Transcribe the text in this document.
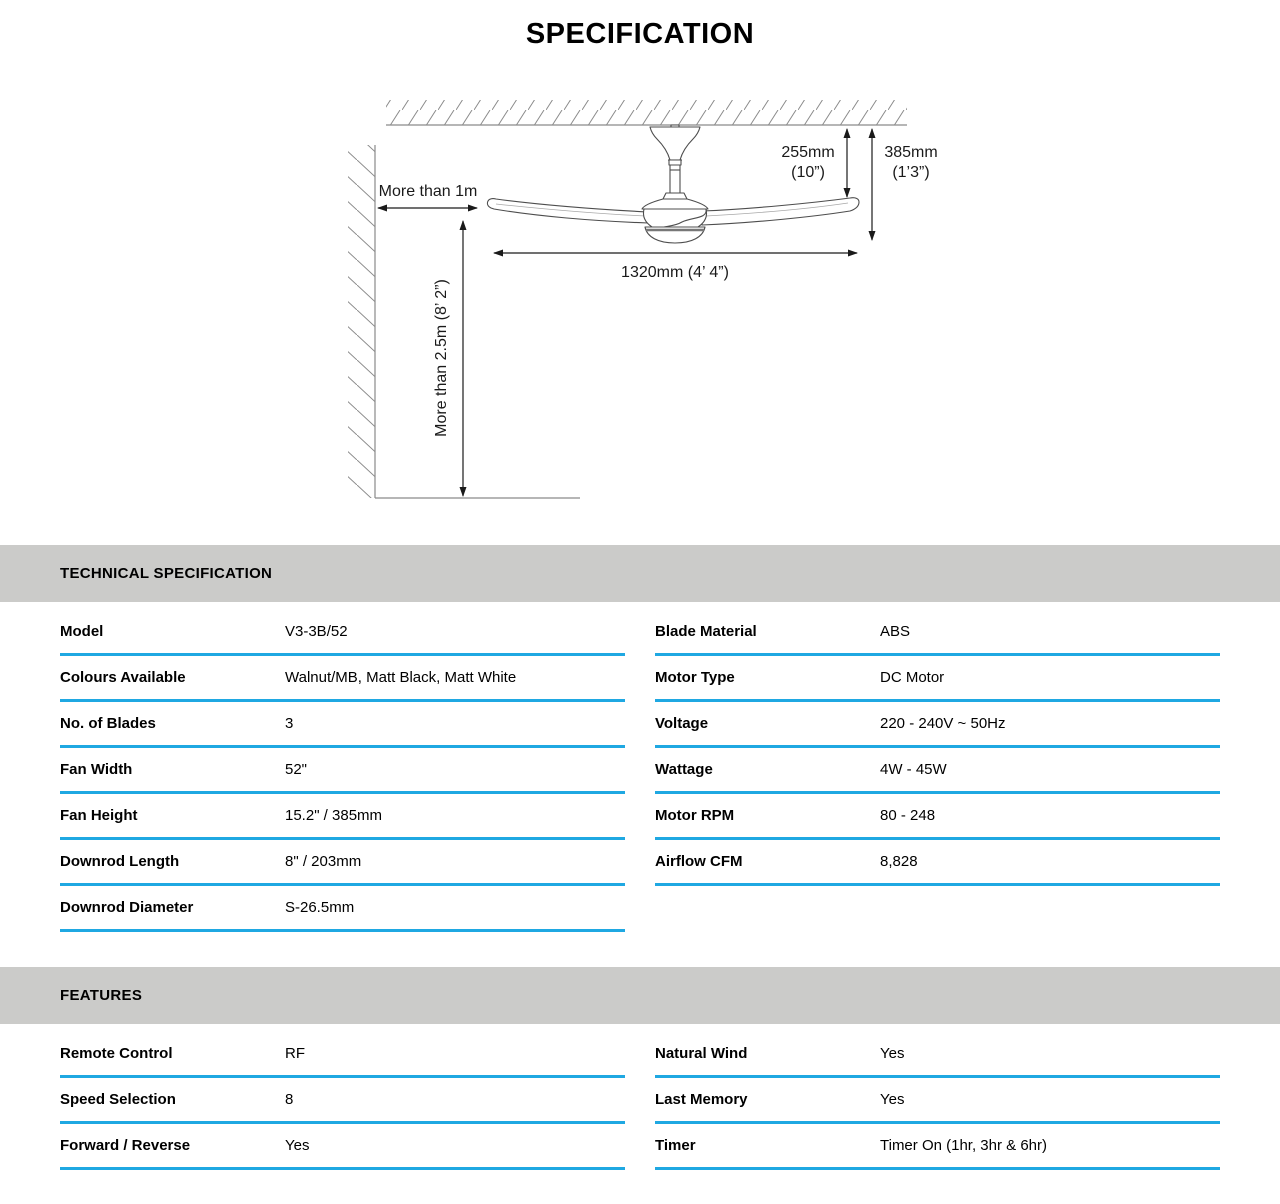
SPECIFICATION
255mm
(10”)
385mm
(1’3”)
1320mm (4’ 4”)
More than 1m
More than 2.5m (8’ 2”)
TECHNICAL SPECIFICATION
Model	V3-3B/52
Colours Available	Walnut/MB, Matt Black, Matt White
No. of Blades	3
Fan Width	52"
Fan Height	15.2" / 385mm
Downrod Length	8" / 203mm
Downrod Diameter	S-26.5mm
Blade Material	ABS
Motor Type	DC Motor
Voltage	220 - 240V ~ 50Hz
Wattage	4W - 45W
Motor RPM	80 - 248
Airflow CFM	8,828
FEATURES
Remote Control	RF
Speed Selection	8
Forward / Reverse	Yes
Natural Wind	Yes
Last Memory	Yes
Timer	Timer On (1hr, 3hr & 6hr)
